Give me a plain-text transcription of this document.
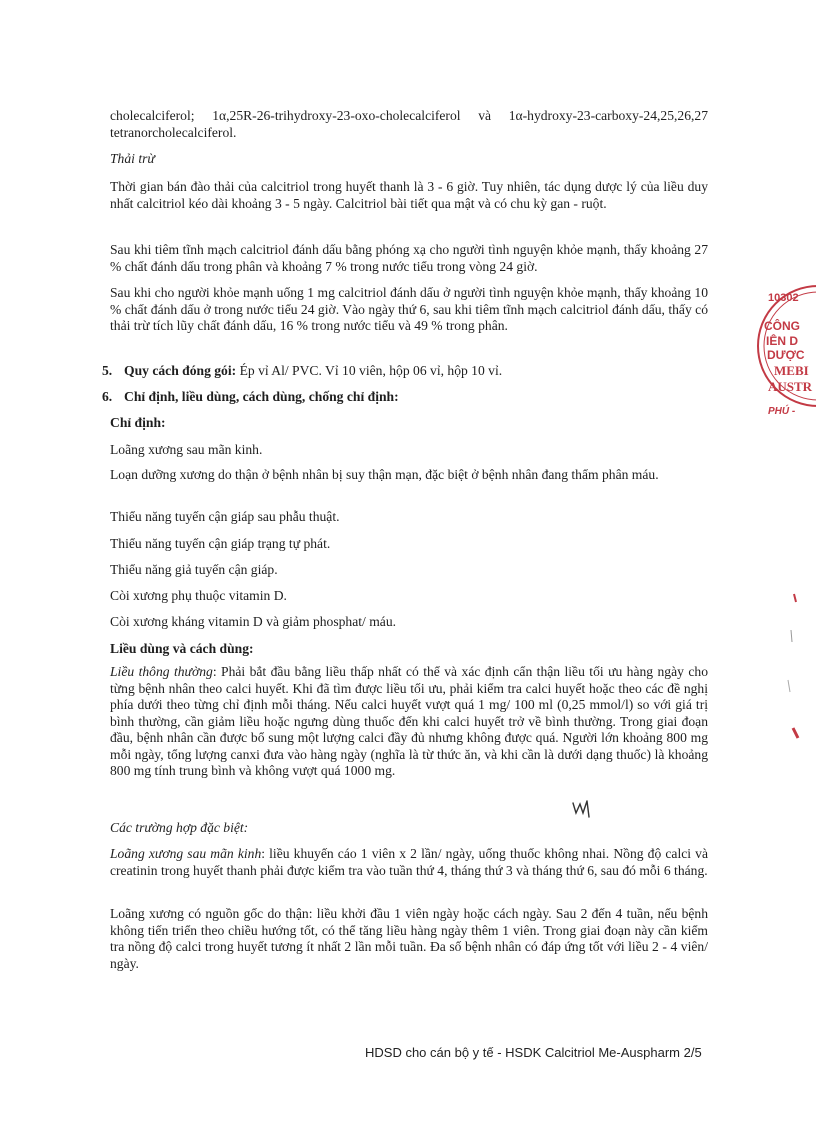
cholecalciferol; 1α,25R-26-trihydroxy-23-oxo-cholecalciferol và 1α-hydroxy-23-carboxy-24,25,26,27 tetranorcholecalciferol.

Thải trừ

Thời gian bán đào thải của calcitriol trong huyết thanh là 3 - 6 giờ. Tuy nhiên, tác dụng dược lý của liều duy nhất calcitriol kéo dài khoảng 3 - 5 ngày. Calcitriol bài tiết qua mật và có chu kỳ gan - ruột.

Sau khi tiêm tĩnh mạch calcitriol đánh dấu bằng phóng xạ cho người tình nguyện khỏe mạnh, thấy khoảng 27 % chất đánh dấu trong phân và khoảng 7 % trong nước tiểu trong vòng 24 giờ.

Sau khi cho người khỏe mạnh uống 1 mg calcitriol đánh dấu ở người tình nguyện khỏe mạnh, thấy khoảng 10 % chất đánh dấu ở trong nước tiểu 24 giờ. Vào ngày thứ 6, sau khi tiêm tĩnh mạch calcitriol đánh dấu, thấy có thải trừ tích lũy chất đánh dấu, 16 % trong nước tiểu và 49 % trong phân.

5. Quy cách đóng gói: Ép vỉ Al/ PVC. Vỉ 10 viên, hộp 06 vỉ, hộp 10 vỉ.
6. Chỉ định, liều dùng, cách dùng, chống chỉ định:

Chỉ định:

Loãng xương sau mãn kinh.

Loạn dưỡng xương do thận ở bệnh nhân bị suy thận mạn, đặc biệt ở bệnh nhân đang thẩm phân máu.

Thiểu năng tuyến cận giáp sau phẫu thuật.

Thiểu năng tuyến cận giáp trạng tự phát.

Thiểu năng giả tuyến cận giáp.

Còi xương phụ thuộc vitamin D.

Còi xương kháng vitamin D và giảm phosphat/ máu.

Liều dùng và cách dùng:

Liều thông thường: Phải bắt đầu bằng liều thấp nhất có thể và xác định cẩn thận liều tối ưu hàng ngày cho từng bệnh nhân theo calci huyết. Khi đã tìm được liều tối ưu, phải kiểm tra calci huyết hoặc theo các đề nghị phía dưới theo từng chỉ định mỗi tháng. Nếu calci huyết vượt quá 1 mg/ 100 ml (0,25 mmol/l) so với giá trị bình thường, cần giảm liều hoặc ngưng dùng thuốc đến khi calci huyết trở về bình thường. Trong giai đoạn đầu, bệnh nhân cần được bổ sung một lượng calci đầy đủ nhưng không được quá. Người lớn khoảng 800 mg mỗi ngày, tổng lượng canxi đưa vào hàng ngày (nghĩa là từ thức ăn, và khi cần là dưới dạng thuốc) là khoảng 800 mg tính trung bình và không vượt quá 1000 mg.

Các trường hợp đặc biệt:

Loãng xương sau mãn kinh: liều khuyến cáo 1 viên x 2 lần/ ngày, uống thuốc không nhai. Nồng độ calci và creatinin trong huyết thanh phải được kiểm tra vào tuần thứ 4, tháng thứ 3 và tháng thứ 6, sau đó mỗi 6 tháng.

Loãng xương có nguồn gốc do thận: liều khởi đầu 1 viên ngày hoặc cách ngày. Sau 2 đến 4 tuần, nếu bệnh không tiến triển theo chiều hướng tốt, có thể tăng liều hàng ngày thêm 1 viên. Trong giai đoạn này cần kiểm tra nồng độ calci trong huyết tương ít nhất 2 lần mỗi tuần. Đa số bệnh nhân có đáp ứng tốt với liều 2 - 4 viên/ ngày.

10302
CÔNG
IÊN D
DƯỢC
MEBI
AUSTR
PHÚ -
HDSD cho cán bộ y tế - HSDK Calcitriol Me-Auspharm 2/5
